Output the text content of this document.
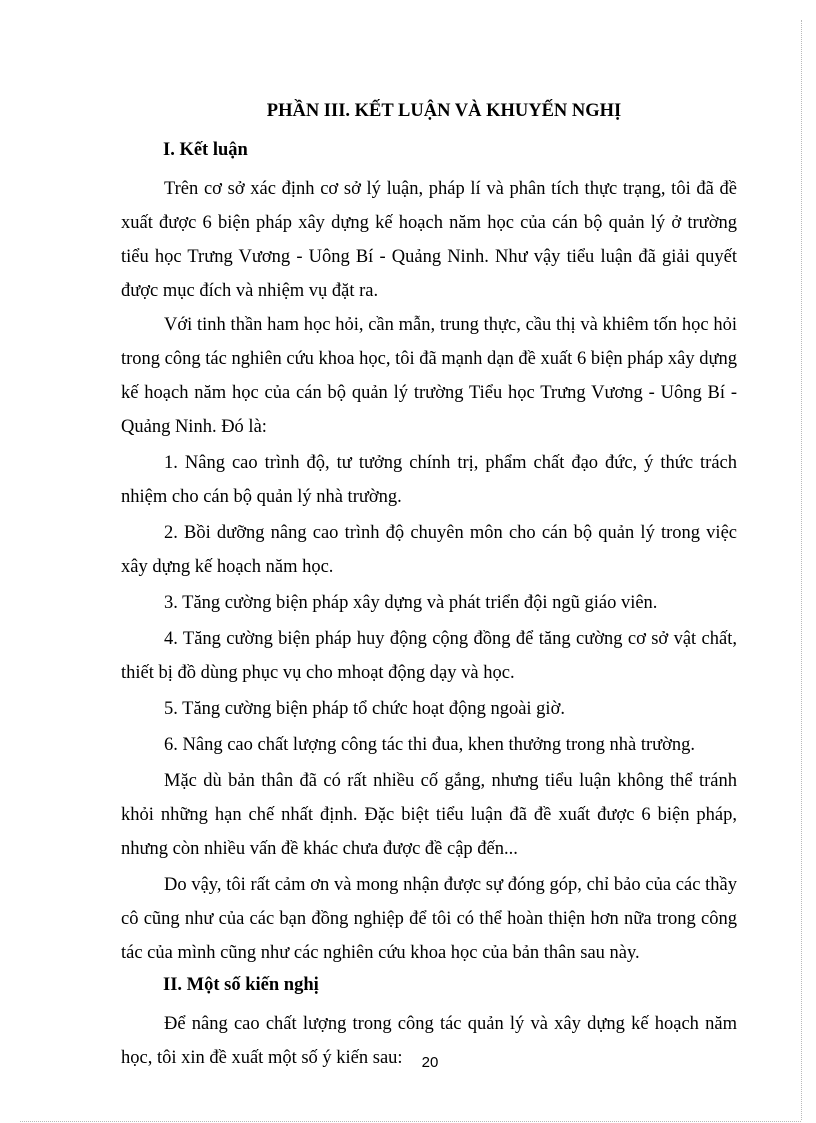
PHẦN III. KẾT LUẬN VÀ KHUYẾN NGHỊ
I. Kết luận

Trên cơ sở xác định cơ sở lý luận, pháp lí và phân tích thực trạng, tôi đã đề xuất được 6 biện pháp xây dựng kế hoạch năm học của cán bộ quản lý ở trường tiểu học Trưng Vương - Uông Bí - Quảng Ninh. Như vậy tiểu luận đã giải quyết được mục đích và nhiệm vụ đặt ra.

Với tinh thần ham học hỏi, cần mẫn, trung thực, cầu thị và khiêm tốn học hỏi trong công tác nghiên cứu khoa học, tôi đã mạnh dạn đề xuất 6 biện pháp xây dựng kế hoạch năm học của cán bộ quản lý trường Tiểu học Trưng Vương - Uông Bí - Quảng Ninh. Đó là:

1. Nâng cao trình độ, tư tưởng chính trị, phẩm chất đạo đức, ý thức trách nhiệm cho cán bộ quản lý nhà trường.

2. Bồi dưỡng nâng cao trình độ chuyên môn cho cán bộ quản lý trong việc xây dựng kế hoạch năm học.

3. Tăng cường biện pháp xây dựng và phát triển đội ngũ giáo viên.

4. Tăng cường biện pháp huy động cộng đồng để tăng cường cơ sở vật chất, thiết bị đồ dùng phục vụ cho mhoạt động dạy và học.

5. Tăng cường biện pháp tổ chức hoạt động ngoài giờ.

6. Nâng cao chất lượng công tác thi đua, khen thưởng trong nhà trường.

Mặc dù bản thân đã có rất nhiều cố gắng, nhưng tiểu luận không thể tránh khỏi những hạn chế nhất định. Đặc biệt tiểu luận đã đề xuất được 6 biện pháp, nhưng còn nhiều vấn đề khác chưa được đề cập đến...

Do vậy, tôi rất cảm ơn và mong nhận được sự đóng góp, chỉ bảo của các thầy cô cũng như của các bạn đồng nghiệp để tôi có thể hoàn thiện hơn nữa trong công tác của mình cũng như các nghiên cứu khoa học của bản thân sau này.

II. Một số kiến nghị

Để nâng cao chất lượng trong công tác quản lý và xây dựng kế hoạch năm học, tôi xin đề xuất một số ý kiến sau:	20
